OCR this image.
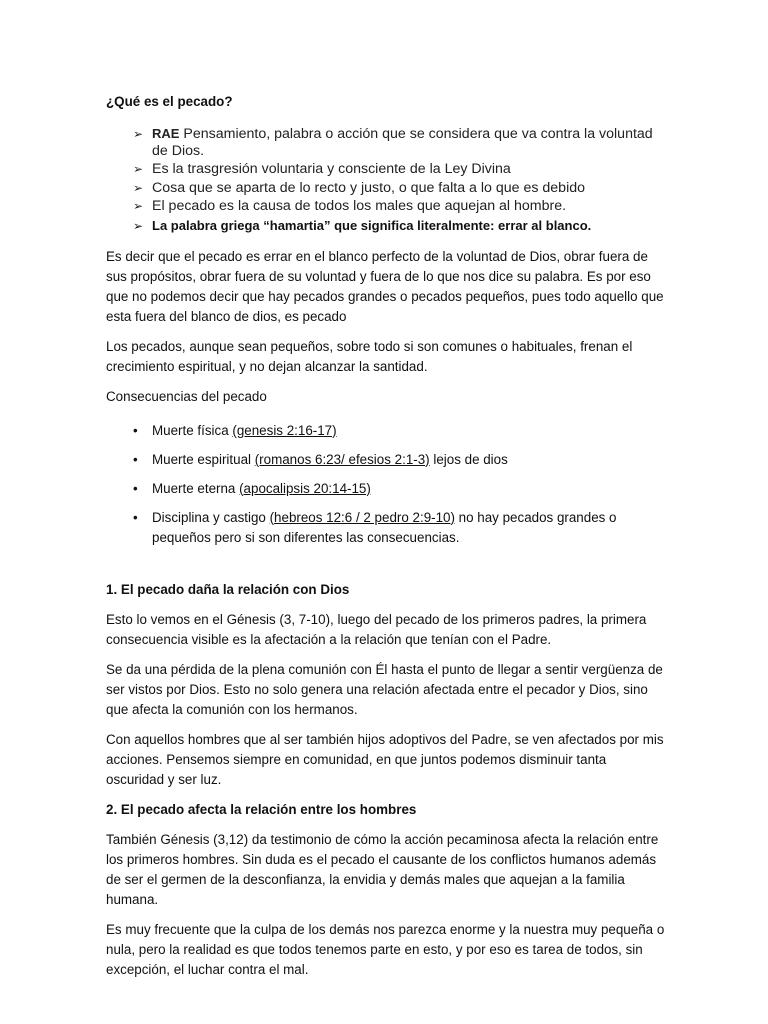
¿Qué es el pecado?
➢ RAE Pensamiento, palabra o acción que se considera que va contra la voluntad de Dios.
➢ Es la trasgresión voluntaria y consciente de la Ley Divina
➢ Cosa que se aparta de lo recto y justo, o que falta a lo que es debido
➢ El pecado es la causa de todos los males que aquejan al hombre.
➢ La palabra griega “hamartia” que significa literalmente: errar al blanco.

Es decir que el pecado es errar en el blanco perfecto de la voluntad de Dios, obrar fuera de sus propósitos, obrar fuera de su voluntad y fuera de lo que nos dice su palabra. Es por eso que no podemos decir que hay pecados grandes o pecados pequeños, pues todo aquello que esta fuera del blanco de dios, es pecado

Los pecados, aunque sean pequeños, sobre todo si son comunes o habituales, frenan el crecimiento espiritual, y no dejan alcanzar la santidad.

Consecuencias del pecado
• Muerte física (genesis 2:16-17)
• Muerte espiritual (romanos 6:23/ efesios 2:1-3) lejos de dios
• Muerte eterna (apocalipsis 20:14-15)
• Disciplina y castigo (hebreos 12:6 / 2 pedro 2:9-10) no hay pecados grandes o pequeños pero si son diferentes las consecuencias.
1. El pecado daña la relación con Dios

Esto lo vemos en el Génesis (3, 7-10), luego del pecado de los primeros padres, la primera consecuencia visible es la afectación a la relación que tenían con el Padre.

Se da una pérdida de la plena comunión con Él hasta el punto de llegar a sentir vergüenza de ser vistos por Dios. Esto no solo genera una relación afectada entre el pecador y Dios, sino que afecta la comunión con los hermanos.

Con aquellos hombres que al ser también hijos adoptivos del Padre, se ven afectados por mis acciones. Pensemos siempre en comunidad, en que juntos podemos disminuir tanta oscuridad y ser luz.

2. El pecado afecta la relación entre los hombres

También Génesis (3,12) da testimonio de cómo la acción pecaminosa afecta la relación entre los primeros hombres. Sin duda es el pecado el causante de los conflictos humanos además de ser el germen de la desconfianza, la envidia y demás males que aquejan a la familia humana.

Es muy frecuente que la culpa de los demás nos parezca enorme y la nuestra muy pequeña o nula, pero la realidad es que todos tenemos parte en esto, y por eso es tarea de todos, sin excepción, el luchar contra el mal.
